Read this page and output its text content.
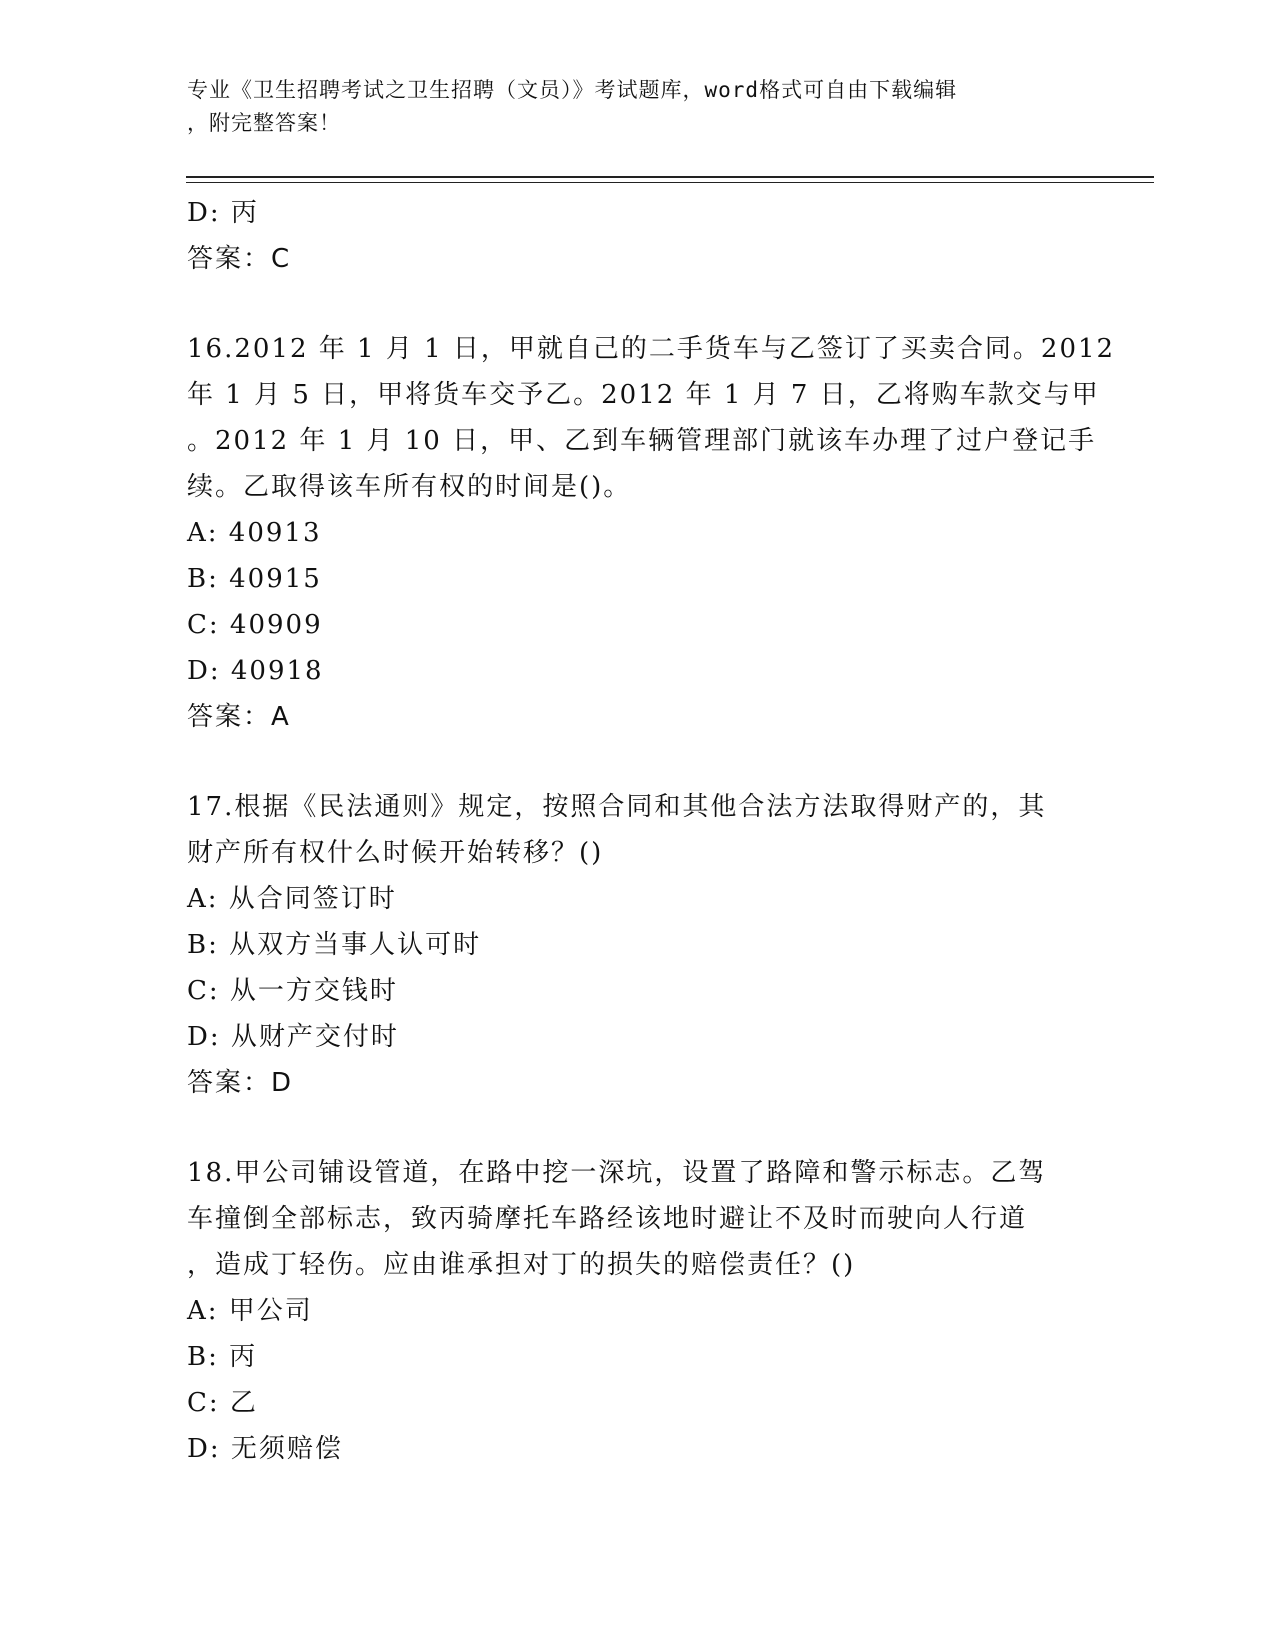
专业《卫生招聘考试之卫生招聘（文员）》考试题库，word格式可自由下载编辑
，附完整答案！
D: 丙
答案：C
16.2012 年 1 月 1 日，甲就自己的二手货车与乙签订了买卖合同。2012
年 1 月 5 日，甲将货车交予乙。2012 年 1 月 7 日，乙将购车款交与甲
。2012 年 1 月 10 日，甲、乙到车辆管理部门就该车办理了过户登记手
续。乙取得该车所有权的时间是()。
A: 40913
B: 40915
C: 40909
D: 40918
答案：A
17.根据《民法通则》规定，按照合同和其他合法方法取得财产的，其
财产所有权什么时候开始转移？()
A: 从合同签订时
B: 从双方当事人认可时
C: 从一方交钱时
D: 从财产交付时
答案：D
18.甲公司铺设管道，在路中挖一深坑，设置了路障和警示标志。乙驾
车撞倒全部标志，致丙骑摩托车路经该地时避让不及时而驶向人行道
，造成丁轻伤。应由谁承担对丁的损失的赔偿责任？()
A: 甲公司
B: 丙
C: 乙
D: 无须赔偿
